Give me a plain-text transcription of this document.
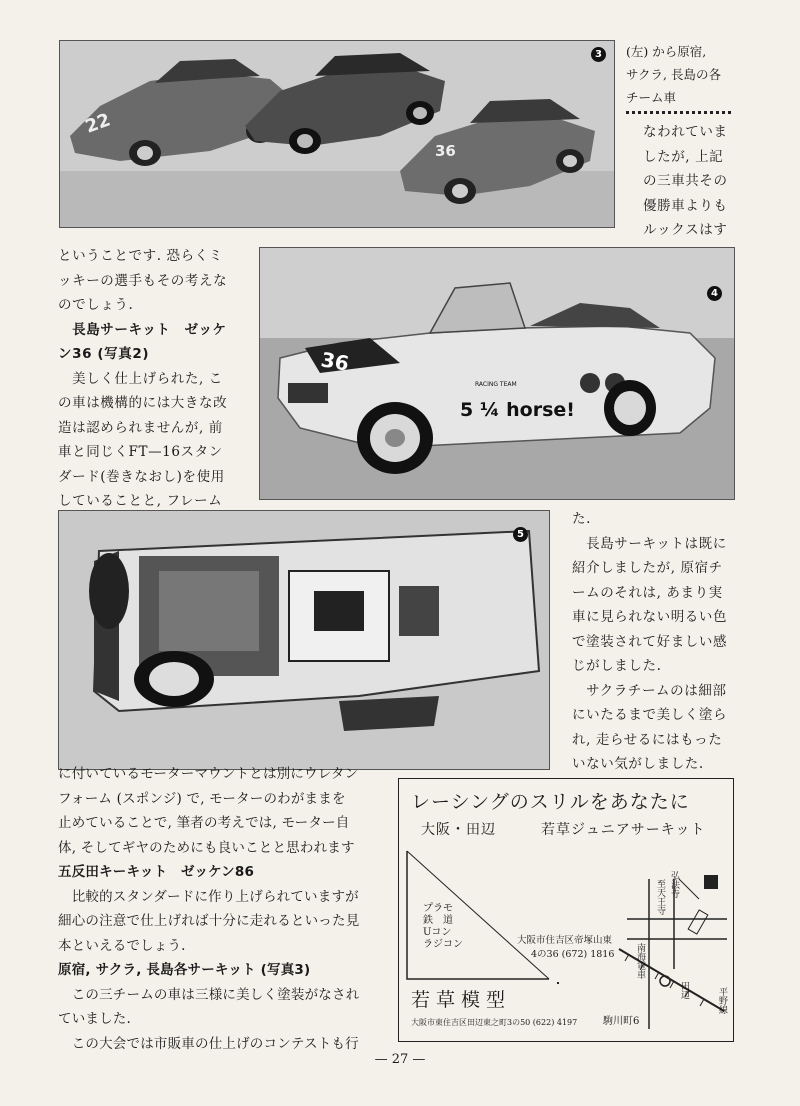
22
36
3	(左) から原宿,
サクラ, 長島の各
チーム車

なわれていま

したが, 上記

の三車共その

優勝車よりも

ルックスはす

ということです. 恐らくミ

ッキーの選手もその考えな

のでしょう.

　長島サーキット　ゼッケ

ン36 (写真2)

　美しく仕上げられた, こ

の車は機構的には大きな改

造は認められませんが, 前

車と同じくFT—16スタン

ダード(巻きなおし)を使用

していることと, フレーム

36
5 ¼ horse!
RACING TEAM
4
5

た.

　長島サーキットは既に

紹介しましたが, 原宿チ

ームのそれは, あまり実

車に見られない明るい色

で塗装されて好ましい感

じがしました.

　サクラチームのは細部

にいたるまで美しく塗ら

れ, 走らせるにはもった

いない気がしました.

に付いているモーターマウントとは別にウレタン

フォーム (スポンジ) で, モーターのわがままを

止めていることで, 筆者の考えでは, モーター自

体, そしてギヤのためにも良いことと思われます

五反田キーキット　ゼッケン86

　比較的スタンダードに作り上げられていますが

細心の注意で仕上げれば十分に走れるといった見

本といえるでしょう.

原宿, サクラ, 長島各サーキット (写真3)

　この三チームの車は三様に美しく塗装がなされ

ていました.

　この大会では市販車の仕上げのコンテストも行

レーシングのスリルをあなたに
大阪・田辺	若草ジュニアサーキット
プラモ
鉄　道
Uコン
ラジコン	大阪市住吉区帝塚山東
4の36 (672) 1816
若草模型
大阪市東住吉区田辺東之町3の50 (622) 4197
弘法寺
至天王寺
南海電車
田辺	平野線
駒川町6
— 27 —
